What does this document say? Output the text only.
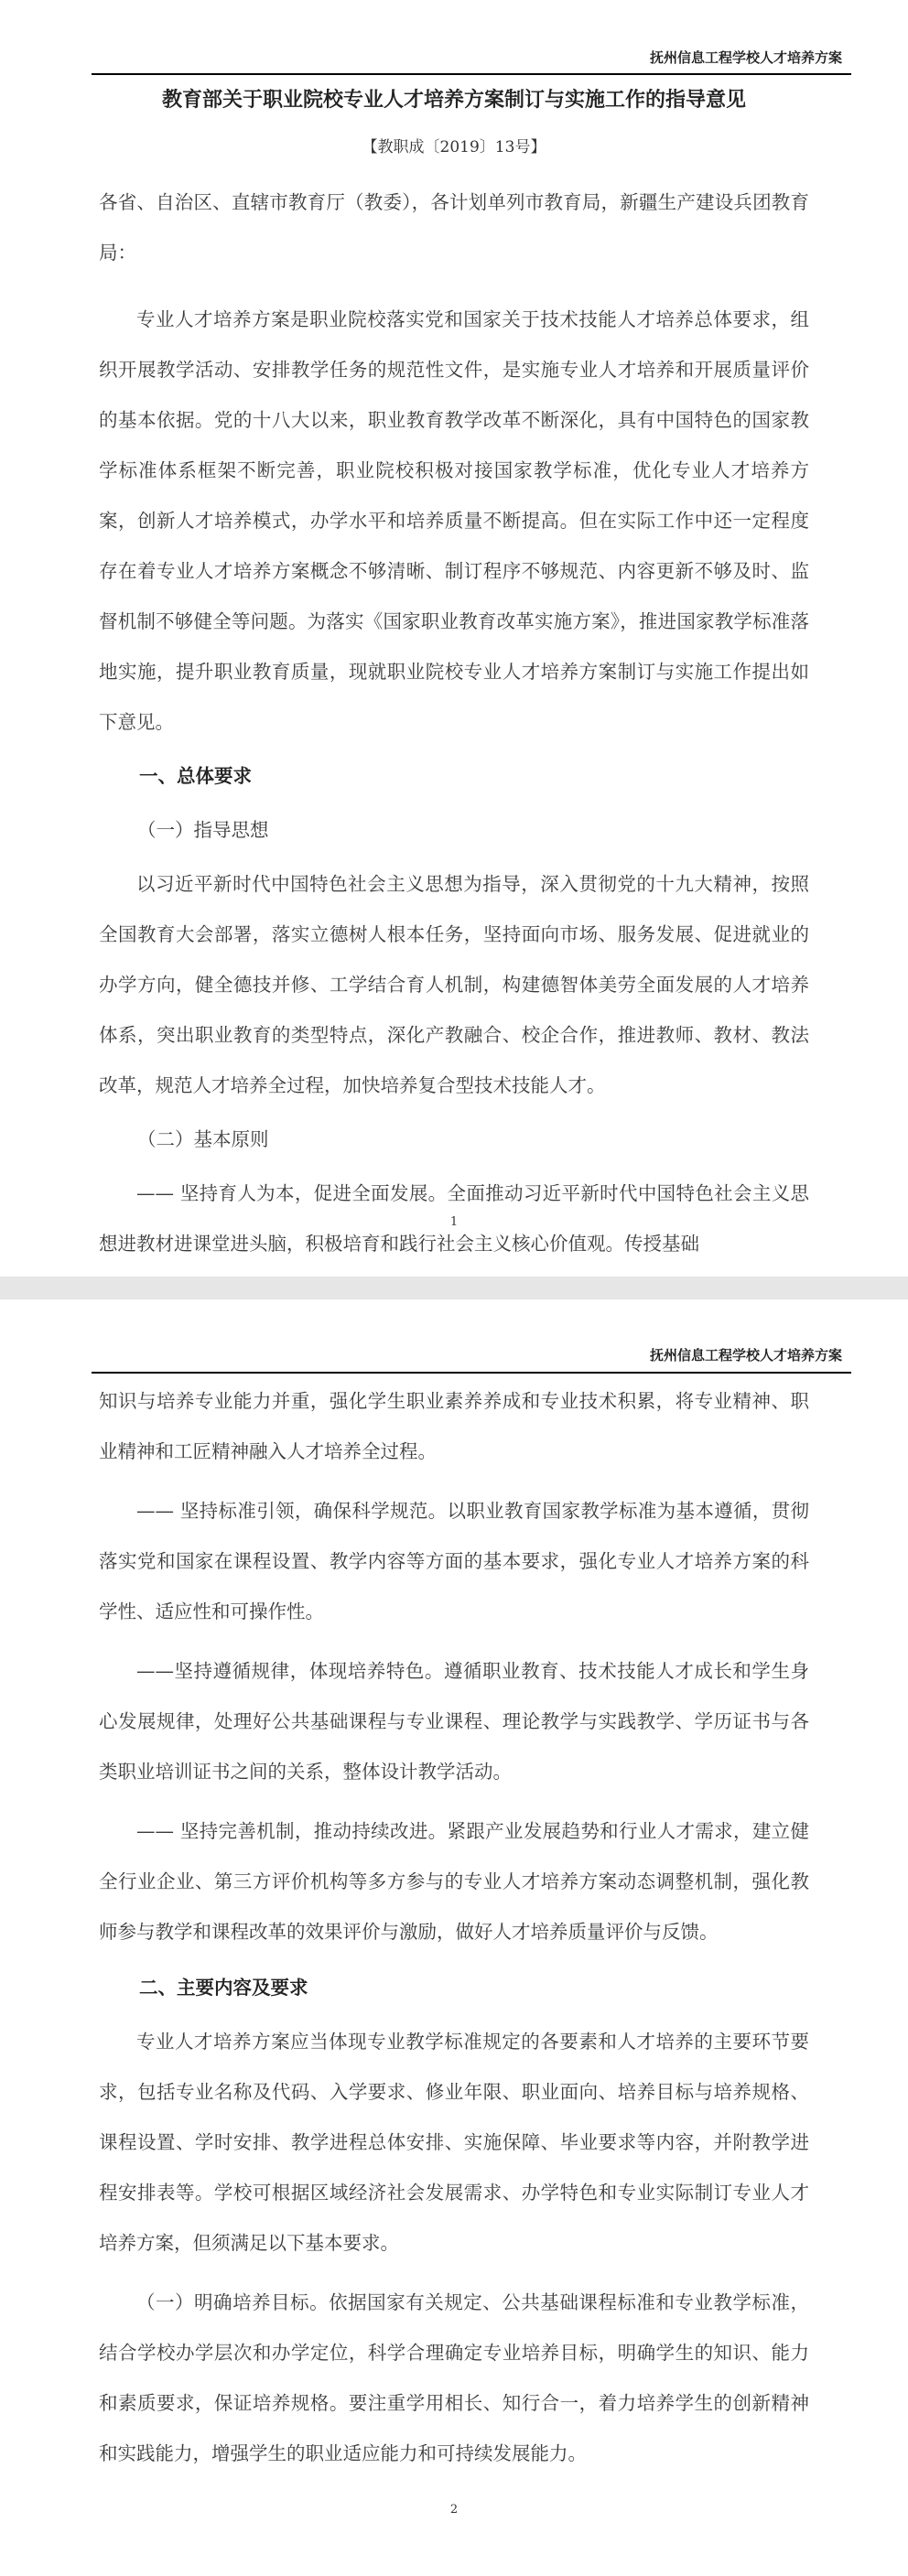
抚州信息工程学校人才培养方案
教育部关于职业院校专业人才培养方案制订与实施工作的指导意见
【教职成〔2019〕13号】

各省、自治区、直辖市教育厅（教委），各计划单列市教育局，新疆生产建设兵团教育局：

专业人才培养方案是职业院校落实党和国家关于技术技能人才培养总体要求，组织开展教学活动、安排教学任务的规范性文件，是实施专业人才培养和开展质量评价的基本依据。党的十八大以来，职业教育教学改革不断深化，具有中国特色的国家教学标准体系框架不断完善，职业院校积极对接国家教学标准，优化专业人才培养方案，创新人才培养模式，办学水平和培养质量不断提高。但在实际工作中还一定程度存在着专业人才培养方案概念不够清晰、制订程序不够规范、内容更新不够及时、监督机制不够健全等问题。为落实《国家职业教育改革实施方案》，推进国家教学标准落地实施，提升职业教育质量，现就职业院校专业人才培养方案制订与实施工作提出如下意见。

一、总体要求

（一）指导思想

以习近平新时代中国特色社会主义思想为指导，深入贯彻党的十九大精神，按照全国教育大会部署，落实立德树人根本任务，坚持面向市场、服务发展、促进就业的办学方向，健全德技并修、工学结合育人机制，构建德智体美劳全面发展的人才培养体系，突出职业教育的类型特点，深化产教融合、校企合作，推进教师、教材、教法改革，规范人才培养全过程，加快培养复合型技术技能人才。

（二）基本原则

—— 坚持育人为本，促进全面发展。全面推动习近平新时代中国特色社会主义思想进教材进课堂进头脑，积极培育和践行社会主义核心价值观。传授基础

1
抚州信息工程学校人才培养方案

知识与培养专业能力并重，强化学生职业素养养成和专业技术积累，将专业精神、职业精神和工匠精神融入人才培养全过程。

—— 坚持标准引领，确保科学规范。以职业教育国家教学标准为基本遵循，贯彻落实党和国家在课程设置、教学内容等方面的基本要求，强化专业人才培养方案的科学性、适应性和可操作性。

——坚持遵循规律，体现培养特色。遵循职业教育、技术技能人才成长和学生身心发展规律，处理好公共基础课程与专业课程、理论教学与实践教学、学历证书与各类职业培训证书之间的关系，整体设计教学活动。

—— 坚持完善机制，推动持续改进。紧跟产业发展趋势和行业人才需求，建立健全行业企业、第三方评价机构等多方参与的专业人才培养方案动态调整机制，强化教师参与教学和课程改革的效果评价与激励，做好人才培养质量评价与反馈。

二、主要内容及要求

专业人才培养方案应当体现专业教学标准规定的各要素和人才培养的主要环节要求，包括专业名称及代码、入学要求、修业年限、职业面向、培养目标与培养规格、课程设置、学时安排、教学进程总体安排、实施保障、毕业要求等内容，并附教学进程安排表等。学校可根据区域经济社会发展需求、办学特色和专业实际制订专业人才培养方案，但须满足以下基本要求。

（一）明确培养目标。依据国家有关规定、公共基础课程标准和专业教学标准，结合学校办学层次和办学定位，科学合理确定专业培养目标，明确学生的知识、能力和素质要求，保证培养规格。要注重学用相长、知行合一，着力培养学生的创新精神和实践能力，增强学生的职业适应能力和可持续发展能力。

2
